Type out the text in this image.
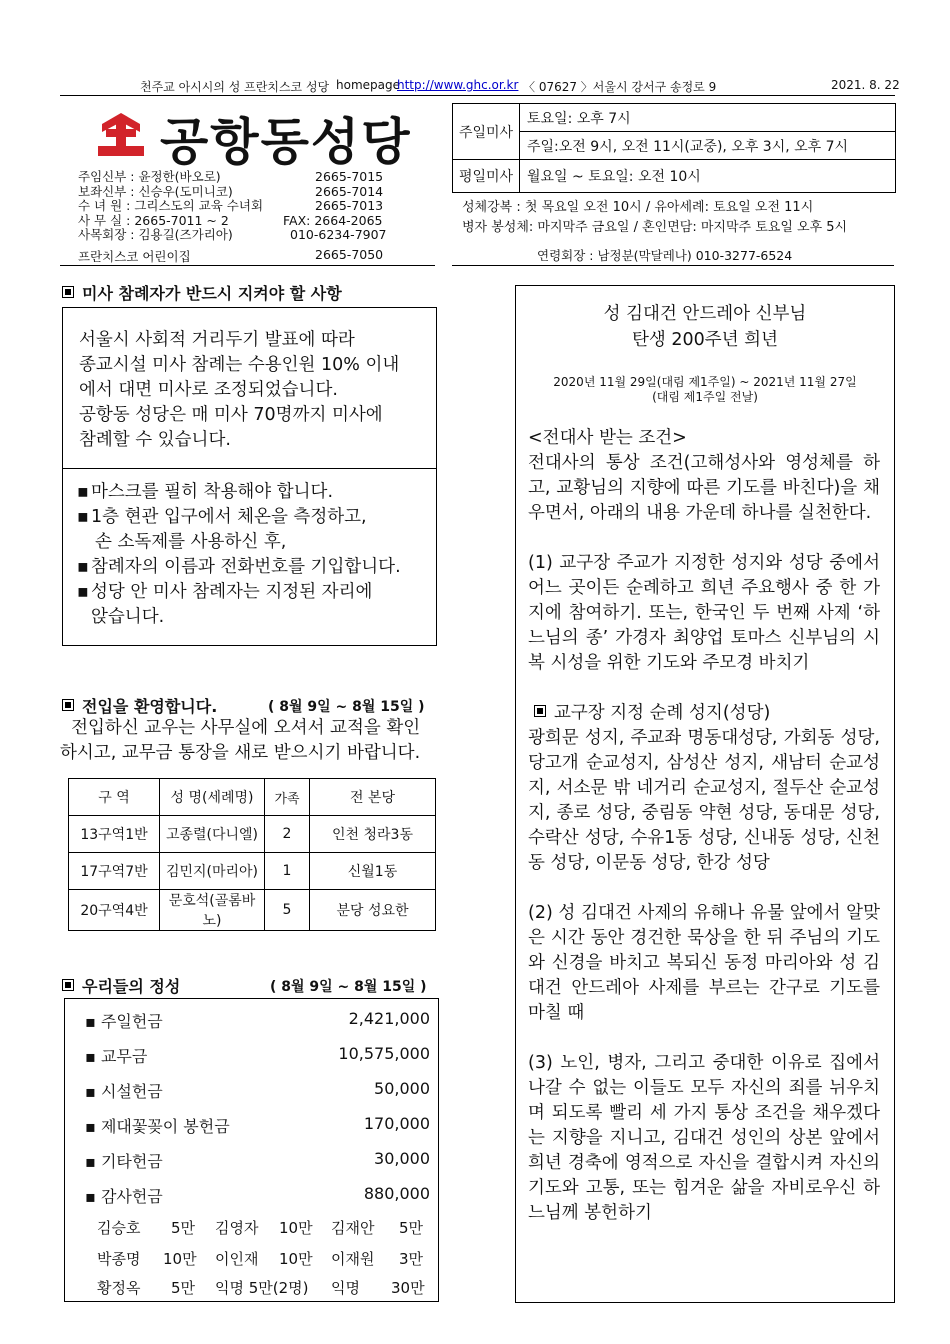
천주교 아시시의 성 프란치스코 성당 homepage
http://www.ghc.or.kr 〈 07627 〉서울시 강서구 송정로 9	2021. 8. 22
공항동성당
주임신부 : 윤정한(바오로)	2665-7015
보좌신부 : 신승우(도미니코)	2665-7014
수 녀 원 : 그리스도의 교육 수녀회	2665-7013
사 무 실 : 2665-7011 ~ 2	FAX: 2664-2065
사목회장 : 김용길(즈가리아)	010-6234-7907
프란치스코 어린이집	2665-7050
주일미사
토요일: 오후 7시
주일:오전 9시, 오전 11시(교중), 오후 3시, 오후 7시
평일미사 월요일 ~ 토요일: 오전 10시
성체강복 : 첫 목요일 오전 10시 / 유아세례: 토요일 오전 11시
병자 봉성체: 마지막주 금요일 / 혼인면담: 마지막주 토요일 오후 5시
연령회장 : 남정분(막달레나) 010-3277-6524
미사 참례자가 반드시 지켜야 할 사항
서울시 사회적 거리두기 발표에 따라
종교시설 미사 참례는 수용인원 10% 이내
에서 대면 미사로 조정되었습니다.
공항동 성당은 매 미사 70명까지 미사에
참례할 수 있습니다.
▪ 마스크를 필히 착용해야 합니다.
▪ 1층 현관 입구에서 체온을 측정하고,
손 소독제를 사용하신 후,
▪ 참례자의 이름과 전화번호를 기입합니다.
▪ 성당 안 미사 참례자는 지정된 자리에
앉습니다.
전입을 환영합니다.	( 8월 9일 ~ 8월 15일 )
전입하신 교우는 사무실에 오셔서 교적을 확인
하시고, 교무금 통장을 새로 받으시기 바랍니다.
구 역	성 명(세례명)	가족	전 본당
13구역1반	고종렬(다니엘)	2	인천 청라3동
17구역7반	김민지(마리아)	1	신월1동
20구역4반	문호석(골롬바노)	5	분당 성요한
우리들의 정성	( 8월 9일 ~ 8월 15일 )
▪ 주일헌금	2,421,000
▪ 교무금	10,575,000
▪ 시설헌금	50,000
▪ 제대꽃꽂이 봉헌금	170,000
▪ 기타헌금	30,000
▪ 감사헌금	880,000
김승호 5만 김영자 10만 김재안 5만
박종명 10만 이인재 10만 이재원 3만
황정옥 5만 익명 5만(2명) 익명 30만
성 김대건 안드레아 신부님
탄생 200주년 희년
2020년 11월 29일(대림 제1주일) ~ 2021년 11월 27일
(대림 제1주일 전날)

<전대사 받는 조건>

전대사의 통상 조건(고해성사와 영성체를 하고, 교황님의 지향에 따른 기도를 바친다)을 채우면서, 아래의 내용 가운데 하나를 실천한다.

(1) 교구장 주교가 지정한 성지와 성당 중에서 어느 곳이든 순례하고 희년 주요행사 중 한 가지에 참여하기. 또는, 한국인 두 번째 사제 ‘하느님의 종’ 가경자 최양업 토마스 신부님의 시복 시성을 위한 기도와 주모경 바치기

교구장 지정 순례 성지(성당)

광희문 성지, 주교좌 명동대성당, 가회동 성당, 당고개 순교성지, 삼성산 성지, 새남터 순교성지, 서소문 밖 네거리 순교성지, 절두산 순교성지, 종로 성당, 중림동 약현 성당, 동대문 성당, 수락산 성당, 수유1동 성당, 신내동 성당, 신천동 성당, 이문동 성당, 한강 성당

(2) 성 김대건 사제의 유해나 유물 앞에서 알맞은 시간 동안 경건한 묵상을 한 뒤 주님의 기도와 신경을 바치고 복되신 동정 마리아와 성 김대건 안드레아 사제를 부르는 간구로 기도를 마칠 때

(3) 노인, 병자, 그리고 중대한 이유로 집에서 나갈 수 없는 이들도 모두 자신의 죄를 뉘우치며 되도록 빨리 세 가지 통상 조건을 채우겠다는 지향을 지니고, 김대건 성인의 상본 앞에서 희년 경축에 영적으로 자신을 결합시켜 자신의 기도와 고통, 또는 힘겨운 삶을 자비로우신 하느님께 봉헌하기
